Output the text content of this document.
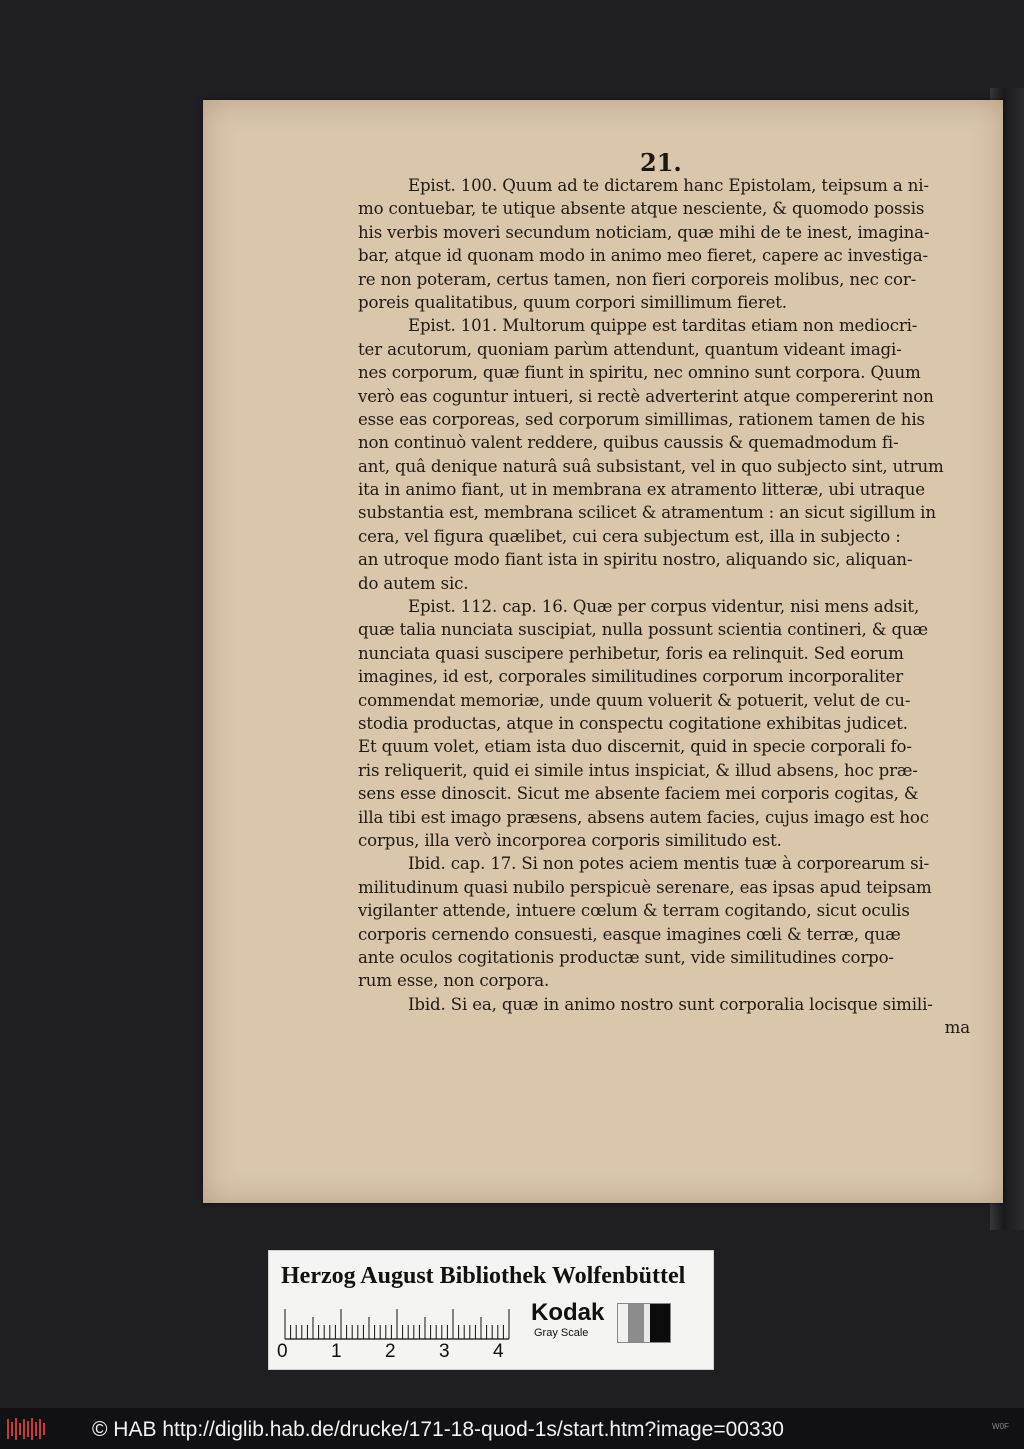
21.
Epist. 100. Quum ad te dictarem hanc Epistolam, teipsum a ni-
mo contuebar, te utique absente atque nesciente, & quomodo possis
his verbis moveri secundum noticiam, quæ mihi de te inest, imagina-
bar, atque id quonam modo in animo meo fieret, capere ac investiga-
re non poteram, certus tamen, non fieri corporeis molibus, nec cor-
poreis qualitatibus, quum corpori simillimum fieret.
Epist. 101. Multorum quippe est tarditas etiam non mediocri-
ter acutorum, quoniam parùm attendunt, quantum videant imagi-
nes corporum, quæ fiunt in spiritu, nec omnino sunt corpora. Quum
verò eas coguntur intueri, si rectè adverterint atque compererint non
esse eas corporeas, sed corporum simillimas, rationem tamen de his
non continuò valent reddere, quibus caussis & quemadmodum fi-
ant, quâ denique naturâ suâ subsistant, vel in quo subjecto sint, utrum
ita in animo fiant, ut in membrana ex atramento litteræ, ubi utraque
substantia est, membrana scilicet & atramentum : an sicut sigillum in
cera, vel figura quælibet, cui cera subjectum est, illa in subjecto :
an utroque modo fiant ista in spiritu nostro, aliquando sic, aliquan-
do autem sic.
Epist. 112. cap. 16. Quæ per corpus videntur, nisi mens adsit,
quæ talia nunciata suscipiat, nulla possunt scientia contineri, & quæ
nunciata quasi suscipere perhibetur, foris ea relinquit. Sed eorum
imagines, id est, corporales similitudines corporum incorporaliter
commendat memoriæ, unde quum voluerit & potuerit, velut de cu-
stodia productas, atque in conspectu cogitatione exhibitas judicet.
Et quum volet, etiam ista duo discernit, quid in specie corporali fo-
ris reliquerit, quid ei simile intus inspiciat, & illud absens, hoc præ-
sens esse dinoscit. Sicut me absente faciem mei corporis cogitas, &
illa tibi est imago præsens, absens autem facies, cujus imago est hoc
corpus, illa verò incorporea corporis similitudo est.
Ibid. cap. 17. Si non potes aciem mentis tuæ à corporearum si-
militudinum quasi nubilo perspicuè serenare, eas ipsas apud teipsam
vigilanter attende, intuere cœlum & terram cogitando, sicut oculis
corporis cernendo consuesti, easque imagines cœli & terræ, quæ
ante oculos cogitationis productæ sunt, vide similitudines corpo-
rum esse, non corpora.
Ibid. Si ea, quæ in animo nostro sunt corporalia locisque simili-
ma
Herzog August Bibliothek Wolfenbüttel
0 1 2 3 4
Kodak
Gray Scale
© HAB http://diglib.hab.de/drucke/171-18-quod-1s/start.htm?image=00330	W0F
